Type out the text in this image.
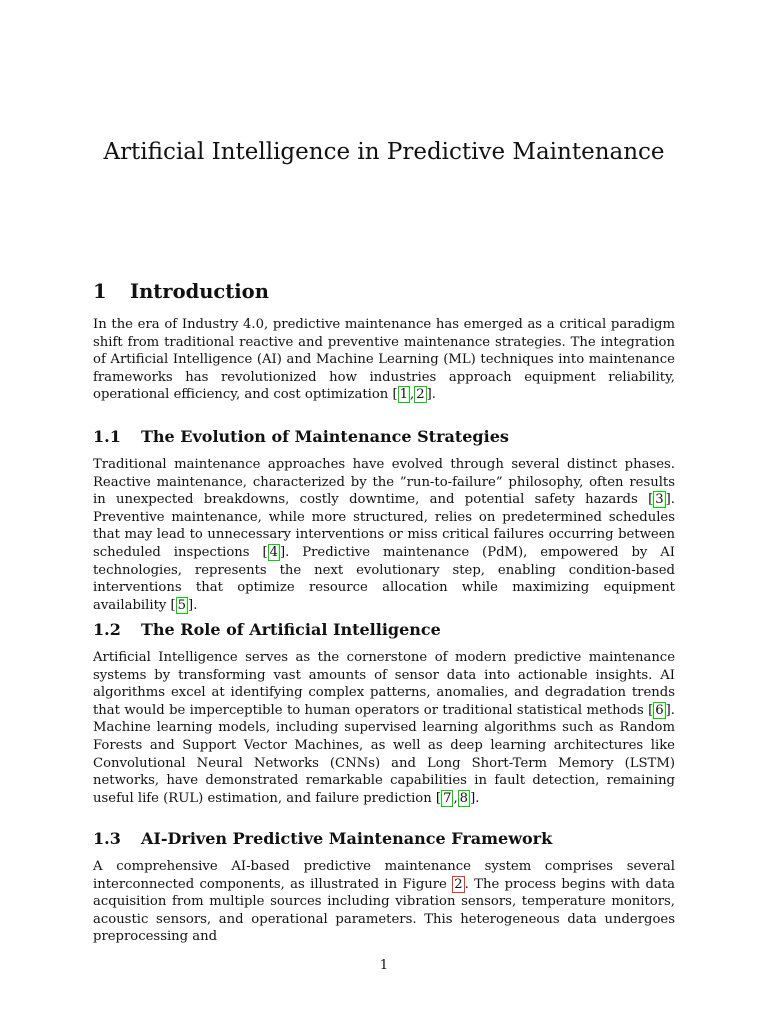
Artificial Intelligence in Predictive Maintenance
1 Introduction

In the era of Industry 4.0, predictive maintenance has emerged as a critical paradigm shift from traditional reactive and preventive maintenance strategies. The integration of Artificial Intelligence (AI) and Machine Learning (ML) techniques into maintenance frameworks has revolutionized how industries approach equipment reliability, operational efficiency, and cost optimization [ 1 , 2 ].

1.1 The Evolution of Maintenance Strategies

Traditional maintenance approaches have evolved through several distinct phases. Reactive maintenance, characterized by the ”run-to-failure” philosophy, often results in unexpected breakdowns, costly downtime, and potential safety hazards [ 3 ]. Preventive maintenance, while more structured, relies on predetermined schedules that may lead to unnecessary interventions or miss critical failures occurring between scheduled inspections [ 4 ]. Predictive maintenance (PdM), empowered by AI technologies, represents the next evolutionary step, enabling condition-based interventions that optimize resource allocation while maximizing equipment availability [ 5 ].

1.2 The Role of Artificial Intelligence

Artificial Intelligence serves as the cornerstone of modern predictive maintenance systems by transforming vast amounts of sensor data into actionable insights. AI algorithms excel at identifying complex patterns, anomalies, and degradation trends that would be imperceptible to human operators or traditional statistical methods [ 6 ]. Machine learning models, including supervised learning algorithms such as Random Forests and Support Vector Machines, as well as deep learning architectures like Convolutional Neural Networks (CNNs) and Long Short-Term Memory (LSTM) networks, have demonstrated remarkable capabilities in fault detection, remaining useful life (RUL) estimation, and failure prediction [ 7 , 8 ].

1.3 AI-Driven Predictive Maintenance Framework

A comprehensive AI-based predictive maintenance system comprises several interconnected components, as illustrated in Figure 2 . The process begins with data acquisition from multiple sources including vibration sensors, temperature monitors, acoustic sensors, and operational parameters. This heterogeneous data undergoes preprocessing and

1
